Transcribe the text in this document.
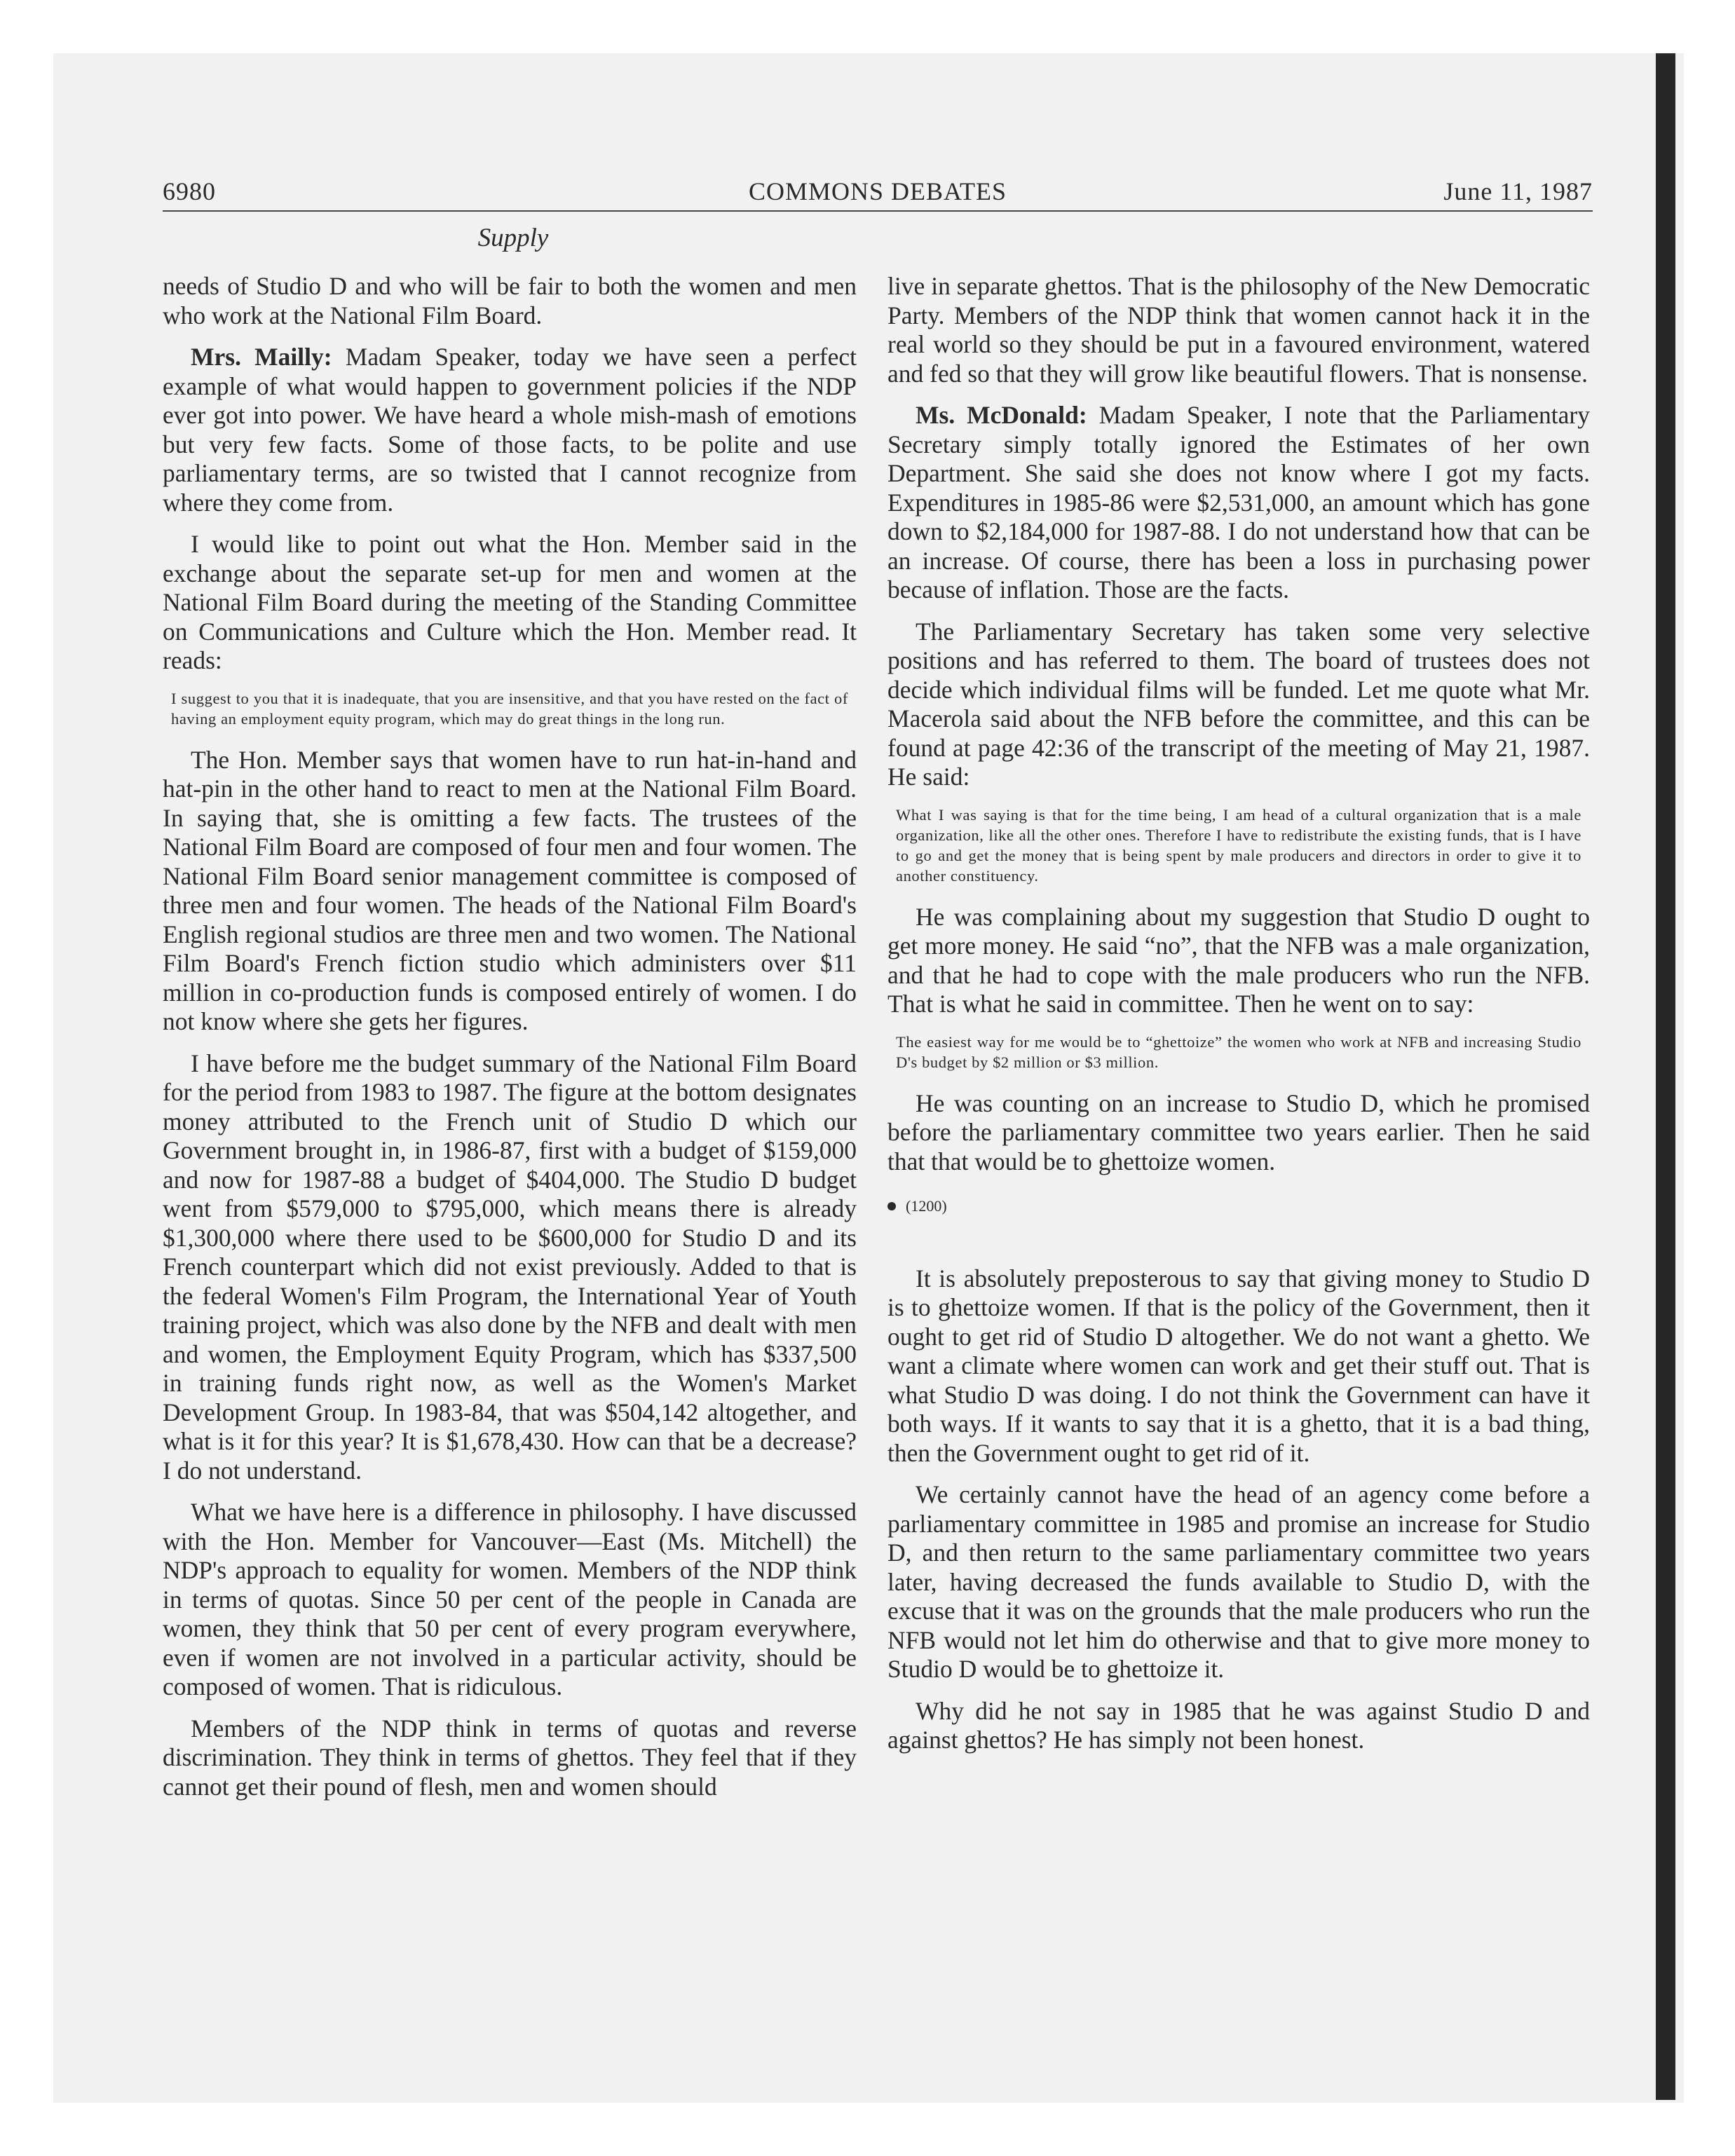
6980	COMMONS DEBATES	June 11, 1987
Supply

needs of Studio D and who will be fair to both the women and men who work at the National Film Board.

Mrs. Mailly: Madam Speaker, today we have seen a perfect example of what would happen to government policies if the NDP ever got into power. We have heard a whole mish-mash of emotions but very few facts. Some of those facts, to be polite and use parliamentary terms, are so twisted that I cannot recognize from where they come from.

I would like to point out what the Hon. Member said in the exchange about the separate set-up for men and women at the National Film Board during the meeting of the Standing Committee on Communications and Culture which the Hon. Member read. It reads:

I suggest to you that it is inadequate, that you are insensitive, and that you have rested on the fact of having an employment equity program, which may do great things in the long run.

The Hon. Member says that women have to run hat-in-hand and hat-pin in the other hand to react to men at the National Film Board. In saying that, she is omitting a few facts. The trustees of the National Film Board are composed of four men and four women. The National Film Board senior management committee is composed of three men and four women. The heads of the National Film Board's English regional studios are three men and two women. The National Film Board's French fiction studio which administers over $11 million in co-production funds is composed entirely of women. I do not know where she gets her figures.

I have before me the budget summary of the National Film Board for the period from 1983 to 1987. The figure at the bottom designates money attributed to the French unit of Studio D which our Government brought in, in 1986-87, first with a budget of $159,000 and now for 1987-88 a budget of $404,000. The Studio D budget went from $579,000 to $795,000, which means there is already $1,300,000 where there used to be $600,000 for Studio D and its French counterpart which did not exist previously. Added to that is the federal Women's Film Program, the International Year of Youth training project, which was also done by the NFB and dealt with men and women, the Employment Equity Program, which has $337,500 in training funds right now, as well as the Women's Market Development Group. In 1983-84, that was $504,142 altogether, and what is it for this year? It is $1,678,430. How can that be a decrease? I do not understand.

What we have here is a difference in philosophy. I have discussed with the Hon. Member for Vancouver—East (Ms. Mitchell) the NDP's approach to equality for women. Members of the NDP think in terms of quotas. Since 50 per cent of the people in Canada are women, they think that 50 per cent of every program everywhere, even if women are not involved in a particular activity, should be composed of women. That is ridiculous.

Members of the NDP think in terms of quotas and reverse discrimination. They think in terms of ghettos. They feel that if they cannot get their pound of flesh, men and women should

live in separate ghettos. That is the philosophy of the New Democratic Party. Members of the NDP think that women cannot hack it in the real world so they should be put in a favoured environment, watered and fed so that they will grow like beautiful flowers. That is nonsense.

Ms. McDonald: Madam Speaker, I note that the Parliamentary Secretary simply totally ignored the Estimates of her own Department. She said she does not know where I got my facts. Expenditures in 1985-86 were $2,531,000, an amount which has gone down to $2,184,000 for 1987-88. I do not understand how that can be an increase. Of course, there has been a loss in purchasing power because of inflation. Those are the facts.

The Parliamentary Secretary has taken some very selective positions and has referred to them. The board of trustees does not decide which individual films will be funded. Let me quote what Mr. Macerola said about the NFB before the committee, and this can be found at page 42:36 of the transcript of the meeting of May 21, 1987. He said:

What I was saying is that for the time being, I am head of a cultural organization that is a male organization, like all the other ones. Therefore I have to redistribute the existing funds, that is I have to go and get the money that is being spent by male producers and directors in order to give it to another constituency.

He was complaining about my suggestion that Studio D ought to get more money. He said “no”, that the NFB was a male organization, and that he had to cope with the male producers who run the NFB. That is what he said in committee. Then he went on to say:

The easiest way for me would be to “ghettoize” the women who work at NFB and increasing Studio D's budget by $2 million or $3 million.

He was counting on an increase to Studio D, which he promised before the parliamentary committee two years earlier. Then he said that that would be to ghettoize women.

(1200)

It is absolutely preposterous to say that giving money to Studio D is to ghettoize women. If that is the policy of the Government, then it ought to get rid of Studio D altogether. We do not want a ghetto. We want a climate where women can work and get their stuff out. That is what Studio D was doing. I do not think the Government can have it both ways. If it wants to say that it is a ghetto, that it is a bad thing, then the Government ought to get rid of it.

We certainly cannot have the head of an agency come before a parliamentary committee in 1985 and promise an increase for Studio D, and then return to the same parliamentary committee two years later, having decreased the funds available to Studio D, with the excuse that it was on the grounds that the male producers who run the NFB would not let him do otherwise and that to give more money to Studio D would be to ghettoize it.

Why did he not say in 1985 that he was against Studio D and against ghettos? He has simply not been honest.
